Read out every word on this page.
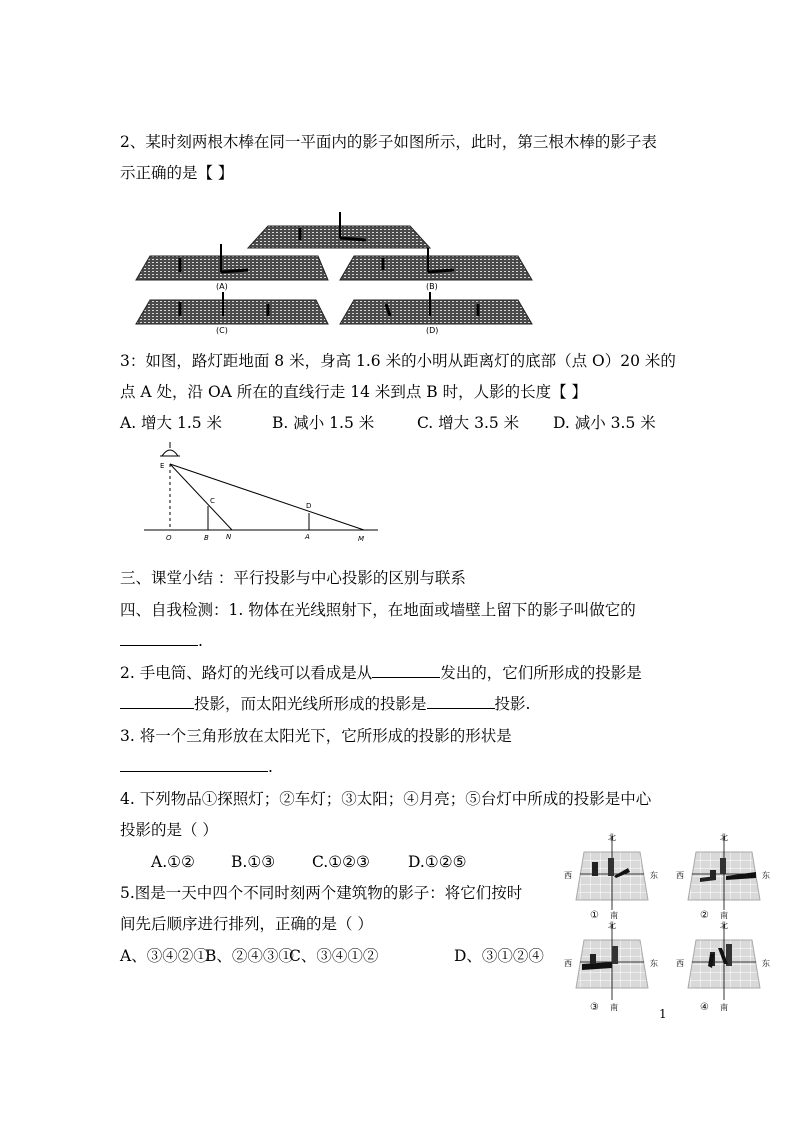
2、某时刻两根木棒在同一平面内的影子如图所示，此时，第三根木棒的影子表
示正确的是【 】
(A)	(B)
(C)	(D)
3：如图，路灯距地面 8 米，身高 1.6 米的小明从距离灯的底部（点 O）20 米的
点 A 处，沿 OA 所在的直线行走 14 米到点 B 时，人影的长度【 】
A. 增大 1.5 米	B. 减小 1.5 米	C. 增大 3.5 米 D. 减小 3.5 米
E
C
D
O	B N	A	M
三、课堂小结 ：平行投影与中心投影的区别与联系
四、自我检测：1. 物体在光线照射下，在地面或墙壁上留下的影子叫做它的
.
2. 手电筒、路灯的光线可以看成是从	发出的，它们所形成的投影是
投影，而太阳光线所形成的投影是	投影.
3. 将一个三角形放在太阳光下，它所形成的投影的形状是
.
4. 下列物品①探照灯；②车灯；③太阳；④月亮；⑤台灯中所成的投影是中心
投影的是（ ）
A.①② B.①③ C.①②③ D.①②⑤
5.图是一天中四个不同时刻两个建筑物的影子：将它们按时
间先后顺序进行排列，正确的是（ ）
A、③④②①
B、②④③①
C、③④①②	D、③①②④
北
西	东
① 南
北
西	东
② 南
北
西	东
③ 南
北
西	东
④ 南
1
